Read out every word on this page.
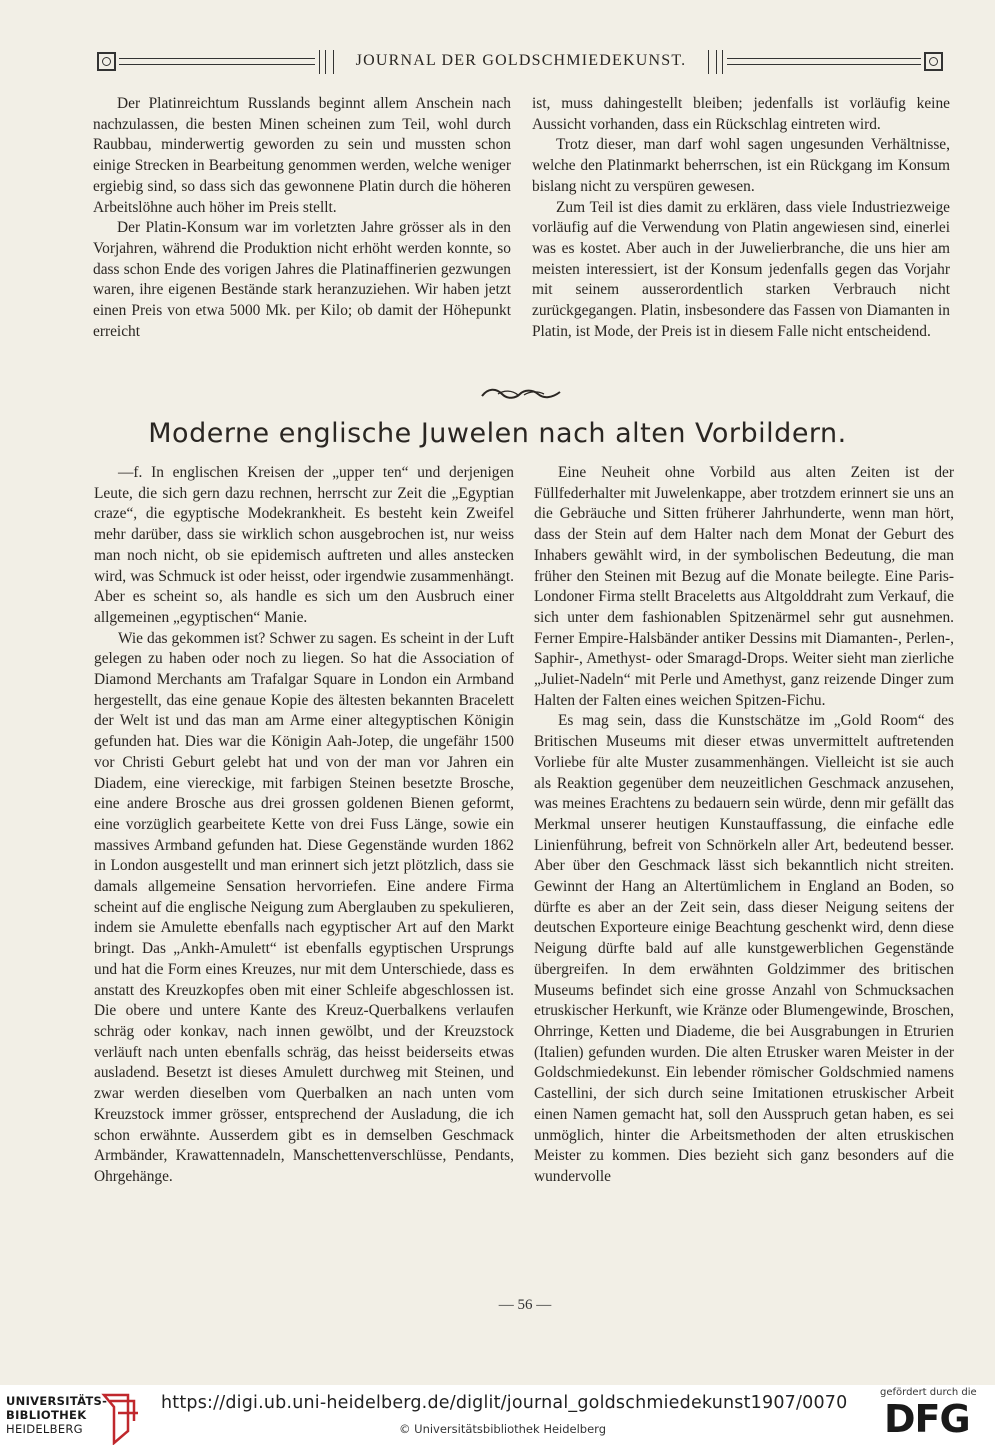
JOURNAL DER GOLDSCHMIEDEKUNST.

Der Platinreichtum Russlands beginnt allem Anschein nach nachzulassen, die besten Minen scheinen zum Teil, wohl durch Raubbau, minderwertig geworden zu sein und mussten schon einige Strecken in Bearbeitung genommen werden, welche weniger ergiebig sind, so dass sich das gewonnene Platin durch die höheren Arbeitslöhne auch höher im Preis stellt.

Der Platin-Konsum war im vorletzten Jahre grösser als in den Vorjahren, während die Produktion nicht erhöht werden konnte, so dass schon Ende des vorigen Jahres die Platinaffinerien gezwungen waren, ihre eigenen Bestände stark heranzuziehen. Wir haben jetzt einen Preis von etwa 5000 Mk. per Kilo; ob damit der Höhepunkt erreicht

ist, muss dahingestellt bleiben; jedenfalls ist vorläufig keine Aussicht vorhanden, dass ein Rückschlag eintreten wird.

Trotz dieser, man darf wohl sagen ungesunden Verhältnisse, welche den Platinmarkt beherrschen, ist ein Rückgang im Konsum bislang nicht zu verspüren gewesen.

Zum Teil ist dies damit zu erklären, dass viele Industriezweige vorläufig auf die Verwendung von Platin angewiesen sind, einerlei was es kostet. Aber auch in der Juwelierbranche, die uns hier am meisten interessiert, ist der Konsum jedenfalls gegen das Vorjahr mit seinem ausserordentlich starken Verbrauch nicht zurückgegangen. Platin, insbesondere das Fassen von Diamanten in Platin, ist Mode, der Preis ist in diesem Falle nicht entscheidend.

Moderne englische Juwelen nach alten Vorbildern.

—f. In englischen Kreisen der „upper ten“ und derjenigen Leute, die sich gern dazu rechnen, herrscht zur Zeit die „Egyptian craze“, die egyptische Modekrankheit. Es besteht kein Zweifel mehr darüber, dass sie wirklich schon ausgebrochen ist, nur weiss man noch nicht, ob sie epidemisch auftreten und alles anstecken wird, was Schmuck ist oder heisst, oder irgendwie zusammenhängt. Aber es scheint so, als handle es sich um den Ausbruch einer allgemeinen „egyptischen“ Manie.

Wie das gekommen ist? Schwer zu sagen. Es scheint in der Luft gelegen zu haben oder noch zu liegen. So hat die Association of Diamond Merchants am Trafalgar Square in London ein Armband hergestellt, das eine genaue Kopie des ältesten bekannten Bracelett der Welt ist und das man am Arme einer altegyptischen Königin gefunden hat. Dies war die Königin Aah-Jotep, die ungefähr 1500 vor Christi Geburt gelebt hat und von der man vor Jahren ein Diadem, eine viereckige, mit farbigen Steinen besetzte Brosche, eine andere Brosche aus drei grossen goldenen Bienen geformt, eine vorzüglich gearbeitete Kette von drei Fuss Länge, sowie ein massives Armband gefunden hat. Diese Gegenstände wurden 1862 in London ausgestellt und man erinnert sich jetzt plötzlich, dass sie damals allgemeine Sensation hervorriefen. Eine andere Firma scheint auf die englische Neigung zum Aberglauben zu spekulieren, indem sie Amulette ebenfalls nach egyptischer Art auf den Markt bringt. Das „Ankh-Amulett“ ist ebenfalls egyptischen Ursprungs und hat die Form eines Kreuzes, nur mit dem Unterschiede, dass es anstatt des Kreuzkopfes oben mit einer Schleife abgeschlossen ist. Die obere und untere Kante des Kreuz-Querbalkens verlaufen schräg oder konkav, nach innen gewölbt, und der Kreuzstock verläuft nach unten ebenfalls schräg, das heisst beiderseits etwas ausladend. Besetzt ist dieses Amulett durchweg mit Steinen, und zwar werden dieselben vom Querbalken an nach unten vom Kreuzstock immer grösser, entsprechend der Ausladung, die ich schon erwähnte. Ausserdem gibt es in demselben Geschmack Armbänder, Krawattennadeln, Manschettenverschlüsse, Pendants, Ohrgehänge.

Eine Neuheit ohne Vorbild aus alten Zeiten ist der Füllfederhalter mit Juwelenkappe, aber trotzdem erinnert sie uns an die Gebräuche und Sitten früherer Jahrhunderte, wenn man hört, dass der Stein auf dem Halter nach dem Monat der Geburt des Inhabers gewählt wird, in der symbolischen Bedeutung, die man früher den Steinen mit Bezug auf die Monate beilegte. Eine Paris-Londoner Firma stellt Braceletts aus Altgolddraht zum Verkauf, die sich unter dem fashionablen Spitzenärmel sehr gut ausnehmen. Ferner Empire-Halsbänder antiker Dessins mit Diamanten-, Perlen-, Saphir-, Amethyst- oder Smaragd-Drops. Weiter sieht man zierliche „Juliet-Nadeln“ mit Perle und Amethyst, ganz reizende Dinger zum Halten der Falten eines weichen Spitzen-Fichu.

Es mag sein, dass die Kunstschätze im „Gold Room“ des Britischen Museums mit dieser etwas unvermittelt auftretenden Vorliebe für alte Muster zusammenhängen. Vielleicht ist sie auch als Reaktion gegenüber dem neuzeitlichen Geschmack anzusehen, was meines Erachtens zu bedauern sein würde, denn mir gefällt das Merkmal unserer heutigen Kunstauffassung, die einfache edle Linienführung, befreit von Schnörkeln aller Art, bedeutend besser. Aber über den Geschmack lässt sich bekanntlich nicht streiten. Gewinnt der Hang an Altertümlichem in England an Boden, so dürfte es aber an der Zeit sein, dass dieser Neigung seitens der deutschen Exporteure einige Beachtung geschenkt wird, denn diese Neigung dürfte bald auf alle kunstgewerblichen Gegenstände übergreifen. In dem erwähnten Goldzimmer des britischen Museums befindet sich eine grosse Anzahl von Schmucksachen etruskischer Herkunft, wie Kränze oder Blumengewinde, Broschen, Ohrringe, Ketten und Diademe, die bei Ausgrabungen in Etrurien (Italien) gefunden wurden. Die alten Etrusker waren Meister in der Goldschmiedekunst. Ein lebender römischer Goldschmied namens Castellini, der sich durch seine Imitationen etruskischer Arbeit einen Namen gemacht hat, soll den Ausspruch getan haben, es sei unmöglich, hinter die Arbeitsmethoden der alten etruskischen Meister zu kommen. Dies bezieht sich ganz besonders auf die wundervolle

— 56 —
UNIVERSITÄTS-
BIBLIOTHEK
HEIDELBERG
https://digi.ub.uni-heidelberg.de/diglit/journal_goldschmiedekunst1907/0070
© Universitätsbibliothek Heidelberg
gefördert durch die
DFG
